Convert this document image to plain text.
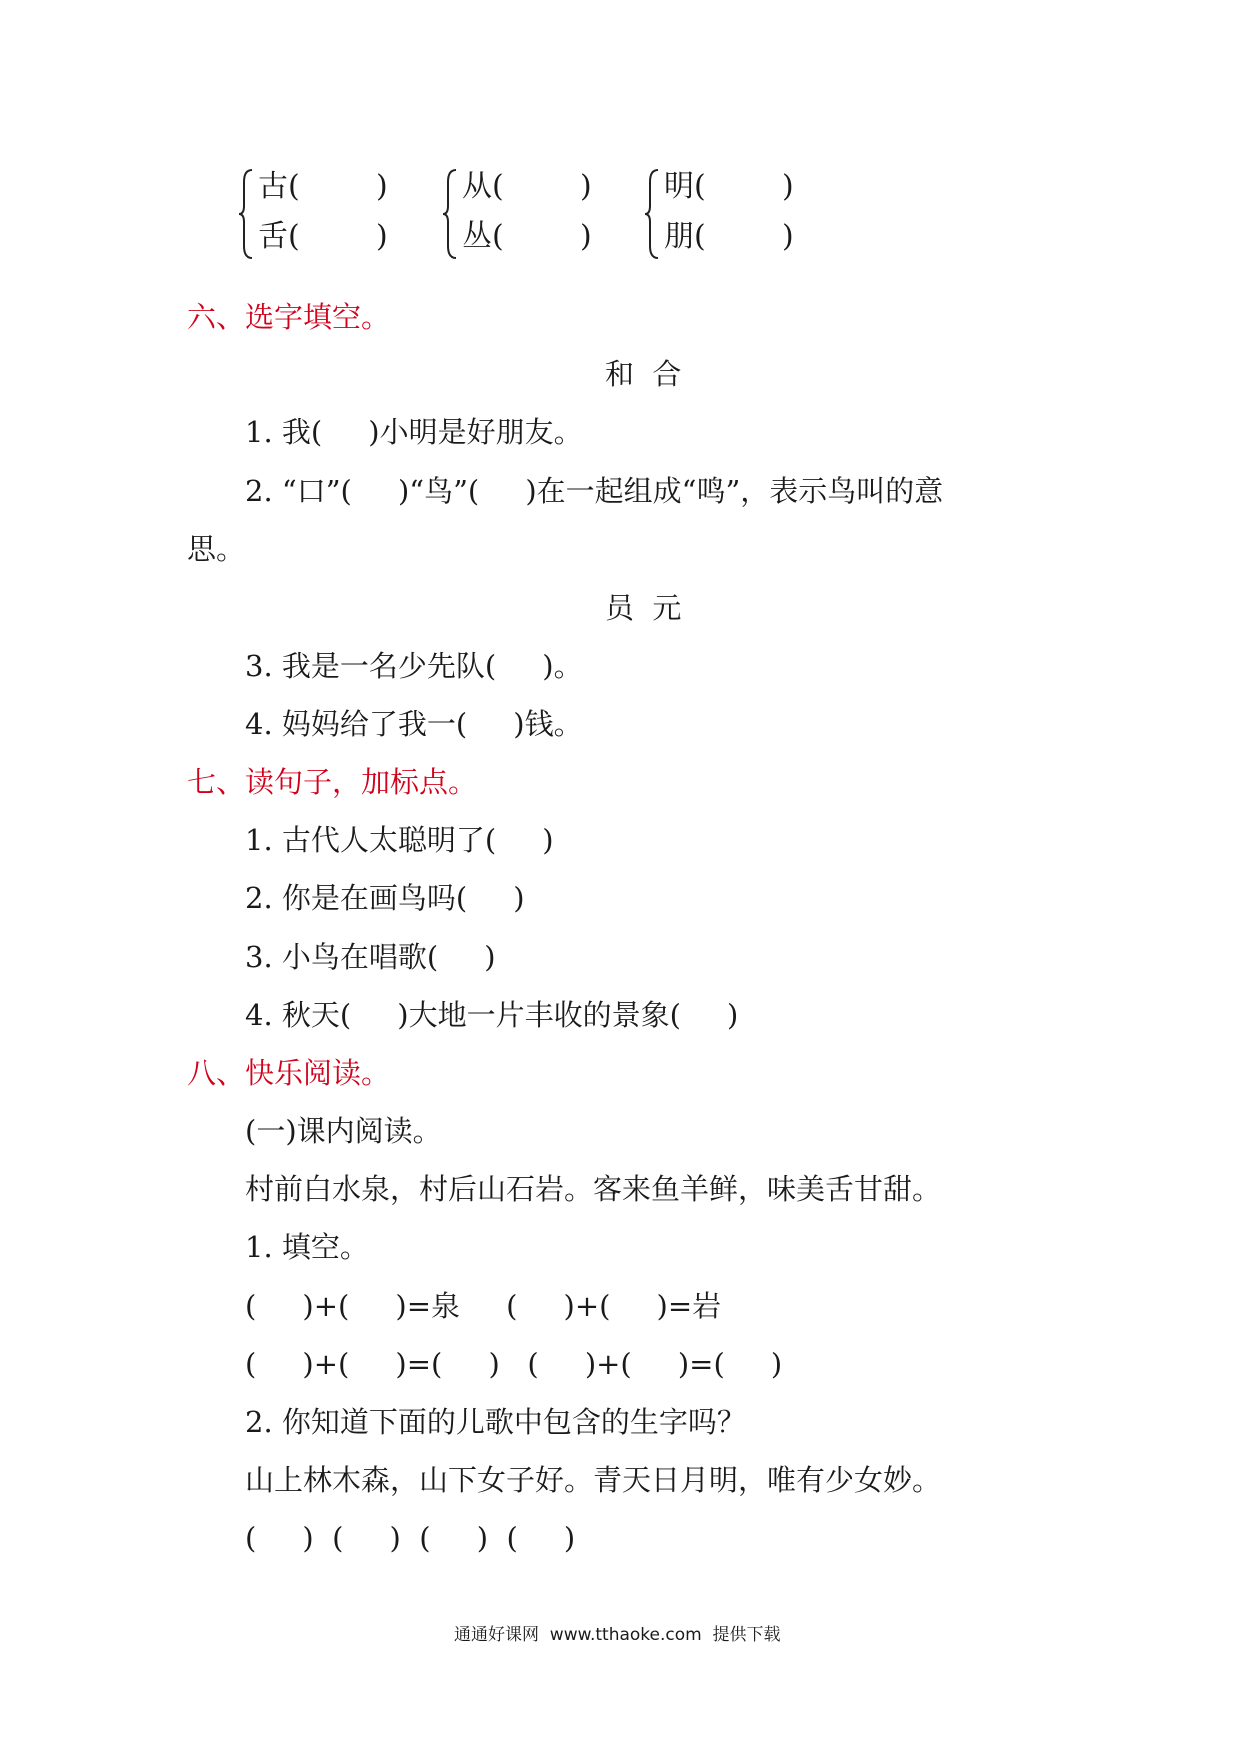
古(        )
舌(        )
从(        )
丛(        )
明(        )
朋(        )
六、选字填空。
和  合
1. 我(     )小明是好朋友。
2. “口”(     )“鸟”(     )在一起组成“鸣”，表示鸟叫的意
思。
员  元
3. 我是一名少先队(     )。
4. 妈妈给了我一(     )钱。
七、读句子，加标点。
1. 古代人太聪明了(     )
2. 你是在画鸟吗(     )
3. 小鸟在唱歌(     )
4. 秋天(     )大地一片丰收的景象(     )
八、快乐阅读。
(一)课内阅读。
村前白水泉，村后山石岩。客来鱼羊鲜，味美舌甘甜。
1. 填空。
(     )+(     )=泉     (     )+(     )=岩
(     )+(     )=(     )   (     )+(     )=(     )
2. 你知道下面的儿歌中包含的生字吗？
山上林木森，山下女子好。青天日月明，唯有少女妙。
(     )  (     )  (     )  (     )
通通好课网  www.tthaoke.com  提供下载
